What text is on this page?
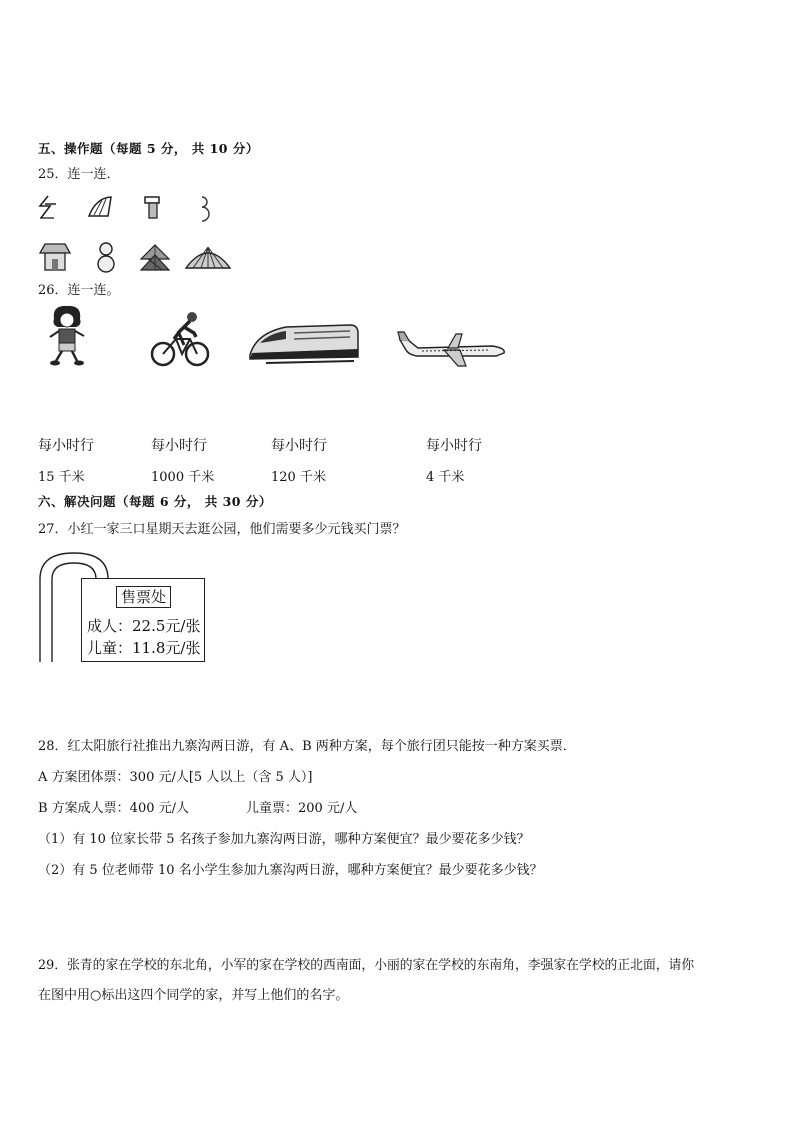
五、操作题（每题 5 分， 共 10 分）
25．连一连．
26．连一连。
每小时行
15 千米
每小时行
1000 千米
每小时行
120 千米
每小时行
4 千米
六、解决问题（每题 6 分， 共 30 分）
27．小红一家三口星期天去逛公园，他们需要多少元钱买门票？
售票处
成人：22.5元/张
儿童：11.8元/张
28．红太阳旅行社推出九寨沟两日游，有 A、B 两种方案，每个旅行团只能按一种方案买票．
A 方案团体票：300 元/人[5 人以上（含 5 人）]
B 方案成人票：400 元/人	儿童票：200 元/人
（1）有 10 位家长带 5 名孩子参加九寨沟两日游，哪种方案便宜？最少要花多少钱？
（2）有 5 位老师带 10 名小学生参加九寨沟两日游，哪种方案便宜？最少要花多少钱？
29．张青的家在学校的东北角，小军的家在学校的西南面，小丽的家在学校的东南角，李强家在学校的正北面，请你
在图中用○标出这四个同学的家，并写上他们的名字。
